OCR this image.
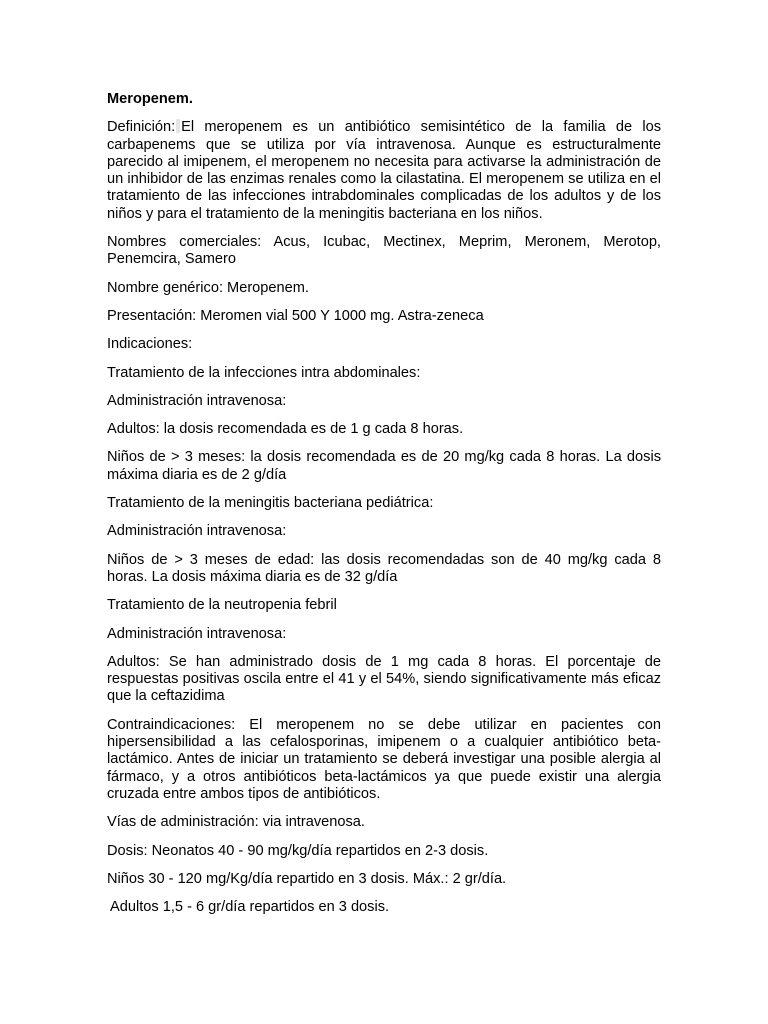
Meropenem.

Definición: El meropenem es un antibiótico semisintético de la familia de los carbapenems que se utiliza por vía intravenosa. Aunque es estructuralmente parecido al imipenem, el meropenem no necesita para activarse la administración de un inhibidor de las enzimas renales como la cilastatina. El meropenem se utiliza en el tratamiento de las infecciones intrabdominales complicadas de los adultos y de los niños y para el tratamiento de la meningitis bacteriana en los niños.

Nombres comerciales: Acus, Icubac, Mectinex, Meprim, Meronem, Merotop, Penemcira, Samero

Nombre genérico: Meropenem.

Presentación: Meromen vial 500 Y 1000 mg. Astra-zeneca

Indicaciones:

Tratamiento de la infecciones intra abdominales:

Administración intravenosa:

Adultos: la dosis recomendada es de 1 g cada 8 horas.

Niños de > 3 meses: la dosis recomendada es de 20 mg/kg cada 8 horas. La dosis máxima diaria es de 2 g/día

Tratamiento de la meningitis bacteriana pediátrica:

Administración intravenosa:

Niños de > 3 meses de edad: las dosis recomendadas son de 40 mg/kg cada 8 horas. La dosis máxima diaria es de 32 g/día

Tratamiento de la neutropenia febril

Administración intravenosa:

Adultos: Se han administrado dosis de 1 mg cada 8 horas. El porcentaje de respuestas positivas oscila entre el 41 y el 54%, siendo significativamente más eficaz que la ceftazidima

Contraindicaciones: El meropenem no se debe utilizar en pacientes con hipersensibilidad a las cefalosporinas, imipenem o a cualquier antibiótico beta-lactámico. Antes de iniciar un tratamiento se deberá investigar una posible alergia al fármaco, y a otros antibióticos beta-lactámicos ya que puede existir una alergia cruzada entre ambos tipos de antibióticos.

Vías de administración: via intravenosa.

Dosis: Neonatos 40 - 90 mg/kg/día repartidos en 2-3 dosis.

Niños 30 - 120 mg/Kg/día repartido en 3 dosis. Máx.: 2 gr/día.

Adultos 1,5 - 6 gr/día repartidos en 3 dosis.
